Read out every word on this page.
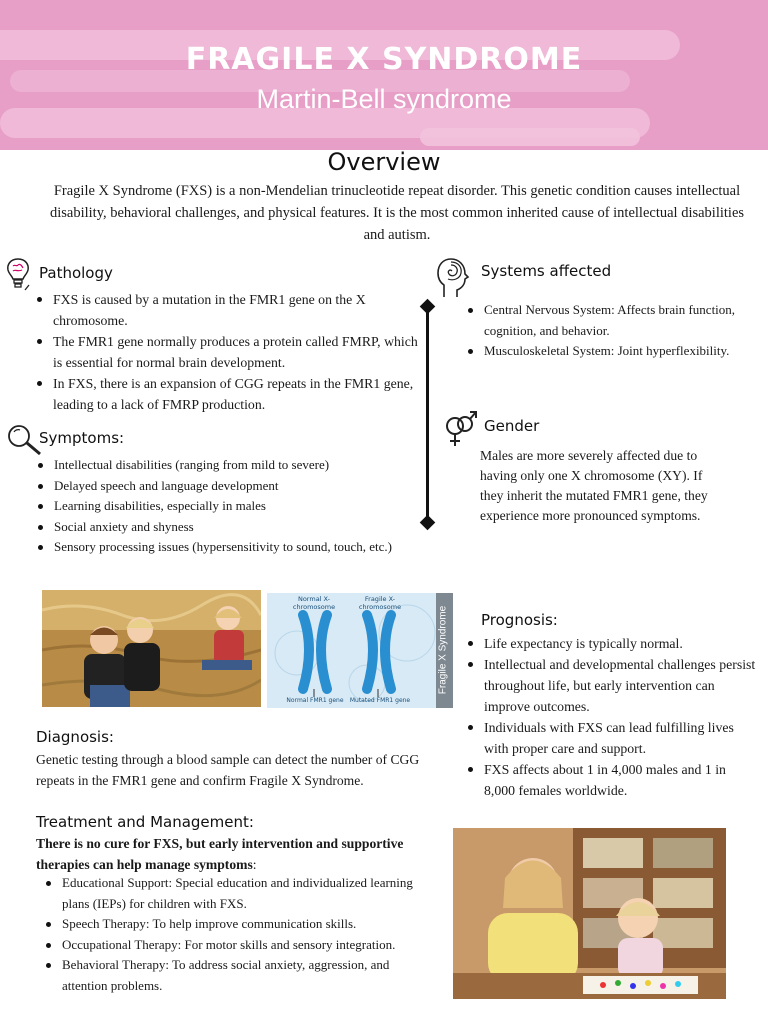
FRAGILE X SYNDROME
Martin-Bell syndrome
Overview
Fragile X Syndrome (FXS) is a non-Mendelian trinucleotide repeat disorder. This genetic condition causes intellectual disability, behavioral challenges, and physical features. It is the most common inherited cause of intellectual disabilities and autism.
Pathology
FXS is caused by a mutation in the FMR1 gene on the X chromosome.
The FMR1 gene normally produces a protein called FMRP, which is essential for normal brain development.
In FXS, there is an expansion of CGG repeats in the FMR1 gene, leading to a lack of FMRP production.
Symptoms:
Intellectual disabilities (ranging from mild to severe)
Delayed speech and language development
Learning disabilities, especially in males
Social anxiety and shyness
Sensory processing issues (hypersensitivity to sound, touch, etc.)
Systems affected
Central Nervous System: Affects brain function, cognition, and behavior.
Musculoskeletal System: Joint hyperflexibility.
Gender
Males are more severely affected due to having only one X chromosome (XY). If they inherit the mutated FMR1 gene, they experience more pronounced symptoms.
Normal X-chromosome
Fragile X-chromosome
Normal FMR1 gene	Mutated FMR1 gene
Fragile X Syndrome Prognosis:
Life expectancy is typically normal.
Intellectual and developmental challenges persist throughout life, but early intervention can improve outcomes.
Individuals with FXS can lead fulfilling lives with proper care and support.
FXS affects about 1 in 4,000 males and 1 in 8,000 females worldwide.
Diagnosis:
Genetic testing through a blood sample can detect the number of CGG repeats in the FMR1 gene and confirm Fragile X Syndrome.
Treatment and Management:
There is no cure for FXS, but early intervention and supportive therapies can help manage symptoms:
Educational Support: Special education and individualized learning plans (IEPs) for children with FXS.
Speech Therapy: To help improve communication skills.
Occupational Therapy: For motor skills and sensory integration.
Behavioral Therapy: To address social anxiety, aggression, and attention problems.
